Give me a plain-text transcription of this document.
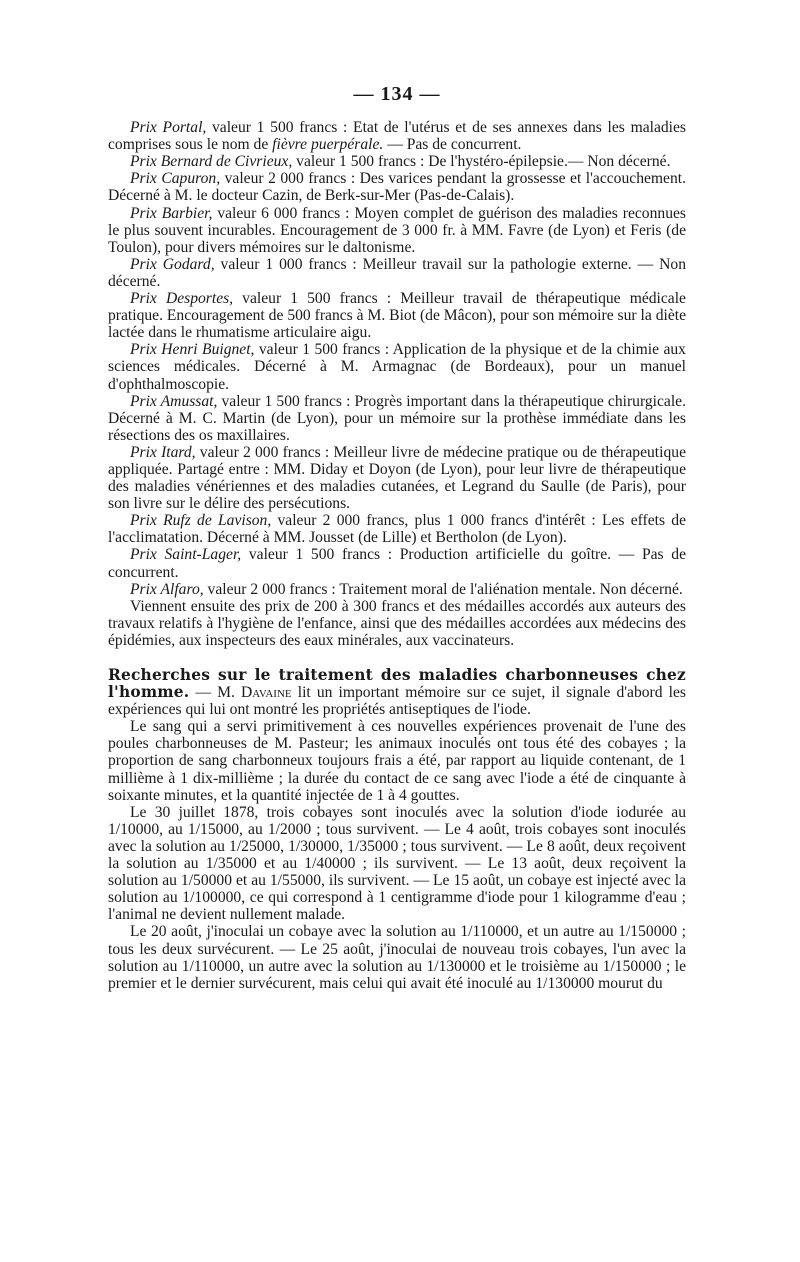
— 134 —

Prix Portal, valeur 1 500 francs : Etat de l'utérus et de ses annexes dans les maladies comprises sous le nom de fièvre puerpérale. — Pas de concurrent.

Prix Bernard de Civrieux, valeur 1 500 francs : De l'hystéro-épilepsie.— Non décerné.

Prix Capuron, valeur 2 000 francs : Des varices pendant la grossesse et l'accouchement. Décerné à M. le docteur Cazin, de Berk-sur-Mer (Pas-de-Calais).

Prix Barbier, valeur 6 000 francs : Moyen complet de guérison des maladies reconnues le plus souvent incurables. Encouragement de 3 000 fr. à MM. Favre (de Lyon) et Feris (de Toulon), pour divers mémoires sur le daltonisme.

Prix Godard, valeur 1 000 francs : Meilleur travail sur la pathologie externe. — Non décerné.

Prix Desportes, valeur 1 500 francs : Meilleur travail de thérapeutique médicale pratique. Encouragement de 500 francs à M. Biot (de Mâcon), pour son mémoire sur la diète lactée dans le rhumatisme articulaire aigu.

Prix Henri Buignet, valeur 1 500 francs : Application de la physique et de la chimie aux sciences médicales. Décerné à M. Armagnac (de Bordeaux), pour un manuel d'ophthalmoscopie.

Prix Amussat, valeur 1 500 francs : Progrès important dans la thérapeutique chirurgicale. Décerné à M. C. Martin (de Lyon), pour un mémoire sur la prothèse immédiate dans les résections des os maxillaires.

Prix Itard, valeur 2 000 francs : Meilleur livre de médecine pratique ou de thérapeutique appliquée. Partagé entre : MM. Diday et Doyon (de Lyon), pour leur livre de thérapeutique des maladies vénériennes et des maladies cutanées, et Legrand du Saulle (de Paris), pour son livre sur le délire des persécutions.

Prix Rufz de Lavison, valeur 2 000 francs, plus 1 000 francs d'intérêt : Les effets de l'acclimatation. Décerné à MM. Jousset (de Lille) et Bertholon (de Lyon).

Prix Saint-Lager, valeur 1 500 francs : Production artificielle du goître. — Pas de concurrent.

Prix Alfaro, valeur 2 000 francs : Traitement moral de l'aliénation mentale. Non décerné.

Viennent ensuite des prix de 200 à 300 francs et des médailles accordés aux auteurs des travaux relatifs à l'hygiène de l'enfance, ainsi que des médailles accordées aux médecins des épidémies, aux inspecteurs des eaux minérales, aux vaccinateurs.

Recherches sur le traitement des maladies charbonneuses chez l'homme. — M. Davaine lit un important mémoire sur ce sujet, il signale d'abord les expériences qui lui ont montré les propriétés antiseptiques de l'iode.

Le sang qui a servi primitivement à ces nouvelles expériences provenait de l'une des poules charbonneuses de M. Pasteur; les animaux inoculés ont tous été des cobayes ; la proportion de sang charbonneux toujours frais a été, par rapport au liquide contenant, de 1 millième à 1 dix-millième ; la durée du contact de ce sang avec l'iode a été de cinquante à soixante minutes, et la quantité injectée de 1 à 4 gouttes.

Le 30 juillet 1878, trois cobayes sont inoculés avec la solution d'iode iodurée au 1/10000, au 1/15000, au 1/2000 ; tous survivent. — Le 4 août, trois cobayes sont inoculés avec la solution au 1/25000, 1/30000, 1/35000 ; tous survivent. — Le 8 août, deux reçoivent la solution au 1/35000 et au 1/40000 ; ils survivent. — Le 13 août, deux reçoivent la solution au 1/50000 et au 1/55000, ils survivent. — Le 15 août, un cobaye est injecté avec la solution au 1/100000, ce qui correspond à 1 centigramme d'iode pour 1 kilogramme d'eau ; l'animal ne devient nullement malade.

Le 20 août, j'inoculai un cobaye avec la solution au 1/110000, et un autre au 1/150000 ; tous les deux survécurent. — Le 25 août, j'inoculai de nouveau trois cobayes, l'un avec la solution au 1/110000, un autre avec la solution au 1/130000 et le troisième au 1/150000 ; le premier et le dernier survécurent, mais celui qui avait été inoculé au 1/130000 mourut du
